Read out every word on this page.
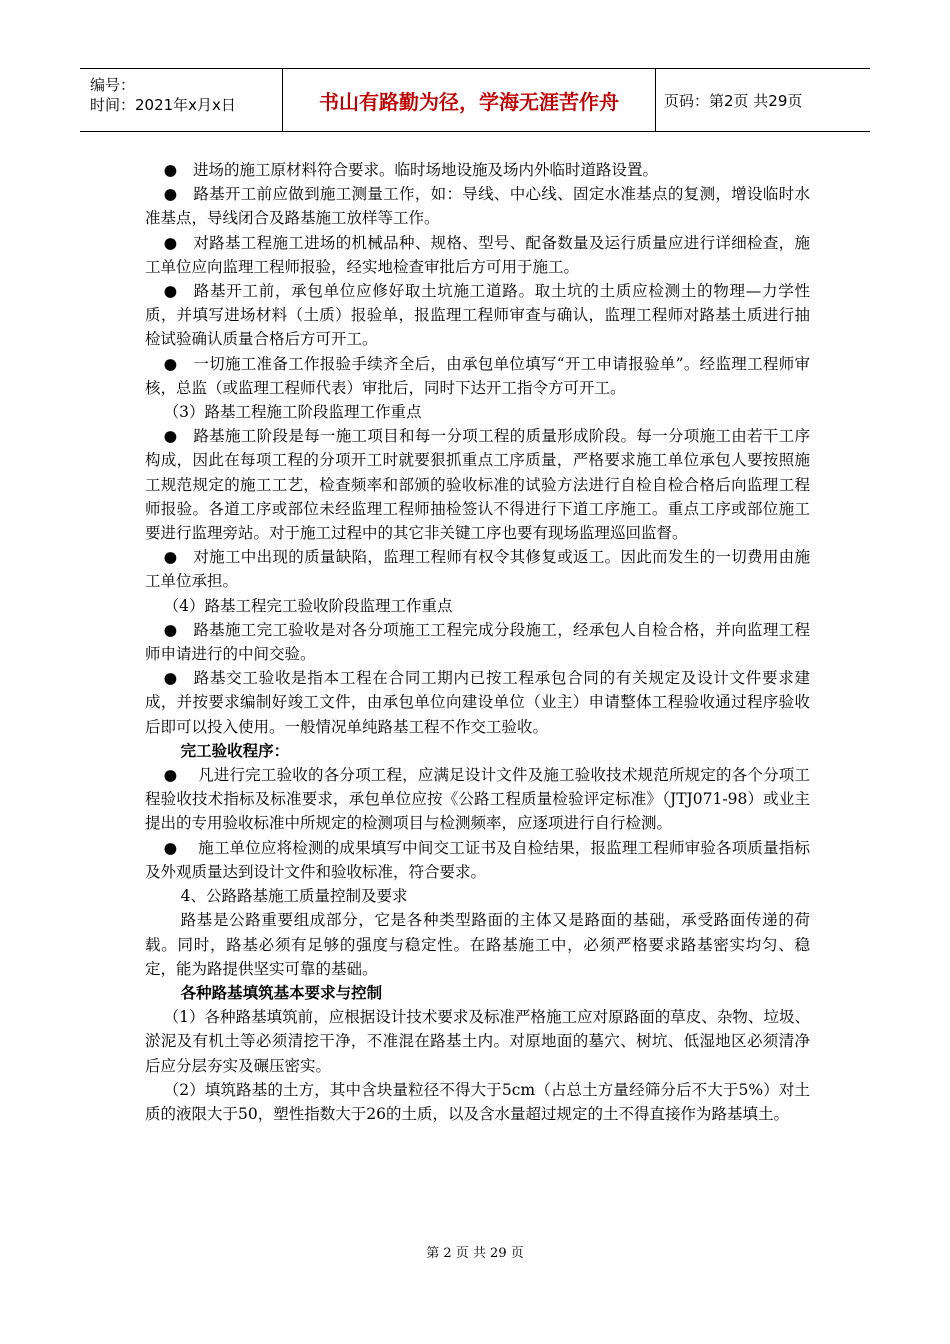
编号：
时间：2021年x月x日	书山有路勤为径，学海无涯苦作舟	页码：第2页 共29页

● 进场的施工原材料符合要求。临时场地设施及场内外临时道路设置。

● 路基开工前应做到施工测量工作，如：导线、中心线、固定水准基点的复测，增设临时水准基点，导线闭合及路基施工放样等工作。

● 对路基工程施工进场的机械品种、规格、型号、配备数量及运行质量应进行详细检查，施工单位应向监理工程师报验，经实地检查审批后方可用于施工。

● 路基开工前，承包单位应修好取土坑施工道路。取土坑的土质应检测土的物理—力学性质，并填写进场材料（土质）报验单，报监理工程师审查与确认，监理工程师对路基土质进行抽检试验确认质量合格后方可开工。

● 一切施工准备工作报验手续齐全后，由承包单位填写“开工申请报验单”。经监理工程师审核，总监（或监理工程师代表）审批后，同时下达开工指令方可开工。

（3）路基工程施工阶段监理工作重点

● 路基施工阶段是每一施工项目和每一分项工程的质量形成阶段。每一分项施工由若干工序构成，因此在每项工程的分项开工时就要狠抓重点工序质量，严格要求施工单位承包人要按照施工规范规定的施工工艺，检查频率和部颁的验收标准的试验方法进行自检自检合格后向监理工程师报验。各道工序或部位未经监理工程师抽检签认不得进行下道工序施工。重点工序或部位施工要进行监理旁站。对于施工过程中的其它非关键工序也要有现场监理巡回监督。

● 对施工中出现的质量缺陷，监理工程师有权令其修复或返工。因此而发生的一切费用由施工单位承担。

（4）路基工程完工验收阶段监理工作重点

● 路基施工完工验收是对各分项施工工程完成分段施工，经承包人自检合格，并向监理工程师申请进行的中间交验。

● 路基交工验收是指本工程在合同工期内已按工程承包合同的有关规定及设计文件要求建成，并按要求编制好竣工文件，由承包单位向建设单位（业主）申请整体工程验收通过程序验收后即可以投入使用。一般情况单纯路基工程不作交工验收。

完工验收程序：

● 凡进行完工验收的各分项工程，应满足设计文件及施工验收技术规范所规定的各个分项工程验收技术指标及标准要求，承包单位应按《公路工程质量检验评定标准》（JTJ071-98）或业主提出的专用验收标准中所规定的检测项目与检测频率，应逐项进行自行检测。

● 施工单位应将检测的成果填写中间交工证书及自检结果，报监理工程师审验各项质量指标及外观质量达到设计文件和验收标准，符合要求。

4、公路路基施工质量控制及要求

路基是公路重要组成部分，它是各种类型路面的主体又是路面的基础，承受路面传递的荷载。同时，路基必须有足够的强度与稳定性。在路基施工中，必须严格要求路基密实均匀、稳定，能为路提供坚实可靠的基础。

各种路基填筑基本要求与控制

（1）各种路基填筑前，应根据设计技术要求及标准严格施工应对原路面的草皮、杂物、垃圾、淤泥及有机土等必须清挖干净，不准混在路基土内。对原地面的墓穴、树坑、低湿地区必须清净后应分层夯实及碾压密实。

（2）填筑路基的土方，其中含块量粒径不得大于5cm（占总土方量经筛分后不大于5%）对土质的液限大于50，塑性指数大于26的土质，以及含水量超过规定的土不得直接作为路基填土。

第 2 页 共 29 页
